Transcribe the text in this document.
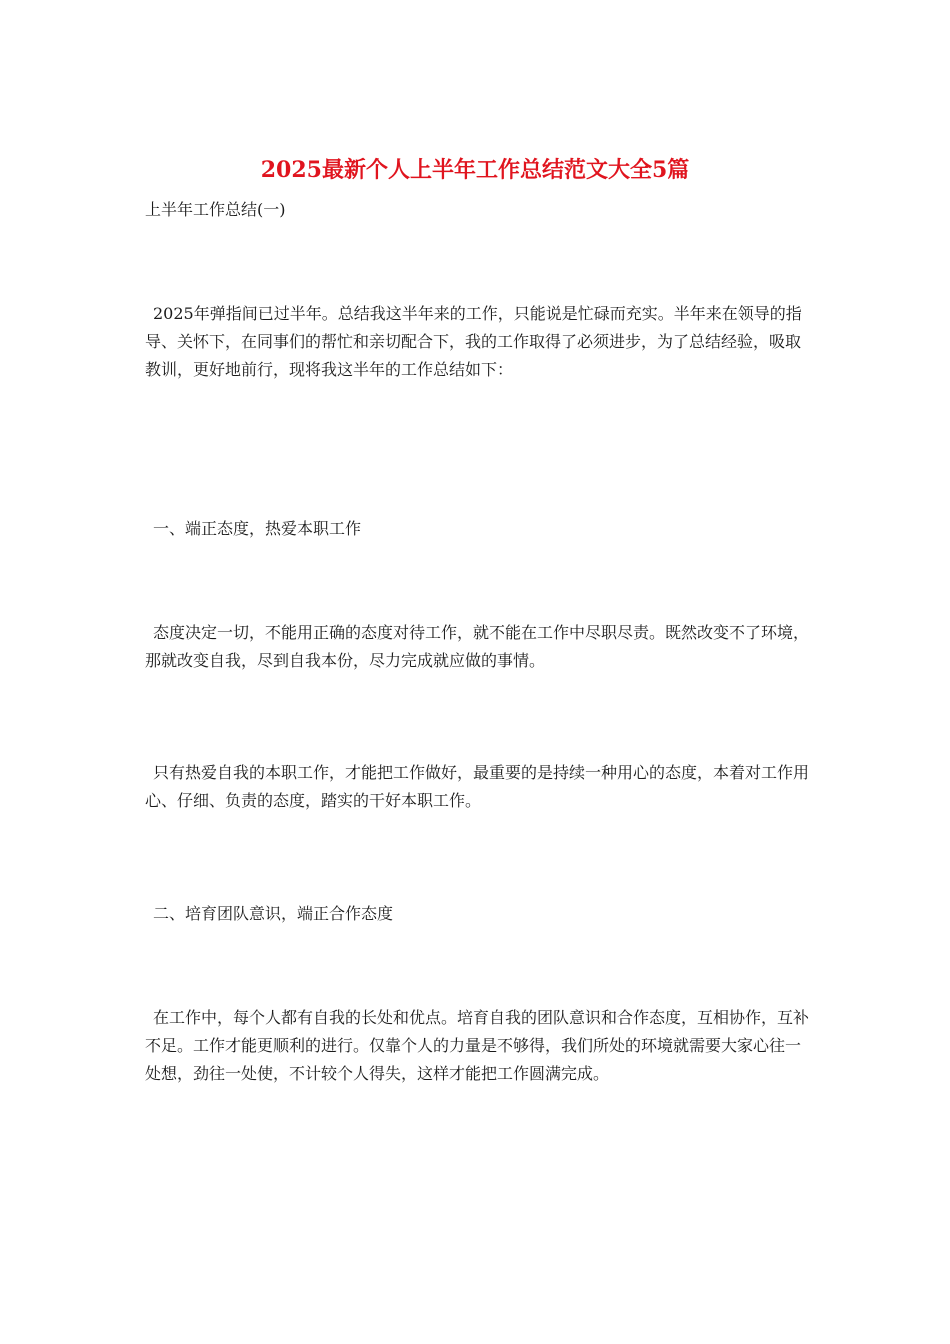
2025最新个人上半年工作总结范文大全5篇

上半年工作总结(一)

2025年弹指间已过半年。总结我这半年来的工作，只能说是忙碌而充实。半年来在领导的指导、关怀下，在同事们的帮忙和亲切配合下，我的工作取得了必须进步，为了总结经验，吸取教训，更好地前行，现将我这半年的工作总结如下：

一、端正态度，热爱本职工作

态度决定一切，不能用正确的态度对待工作，就不能在工作中尽职尽责。既然改变不了环境，那就改变自我，尽到自我本份，尽力完成就应做的事情。

只有热爱自我的本职工作，才能把工作做好，最重要的是持续一种用心的态度，本着对工作用心、仔细、负责的态度，踏实的干好本职工作。

二、培育团队意识，端正合作态度

在工作中，每个人都有自我的长处和优点。培育自我的团队意识和合作态度，互相协作，互补不足。工作才能更顺利的进行。仅靠个人的力量是不够得，我们所处的环境就需要大家心往一处想，劲往一处使，不计较个人得失，这样才能把工作圆满完成。
